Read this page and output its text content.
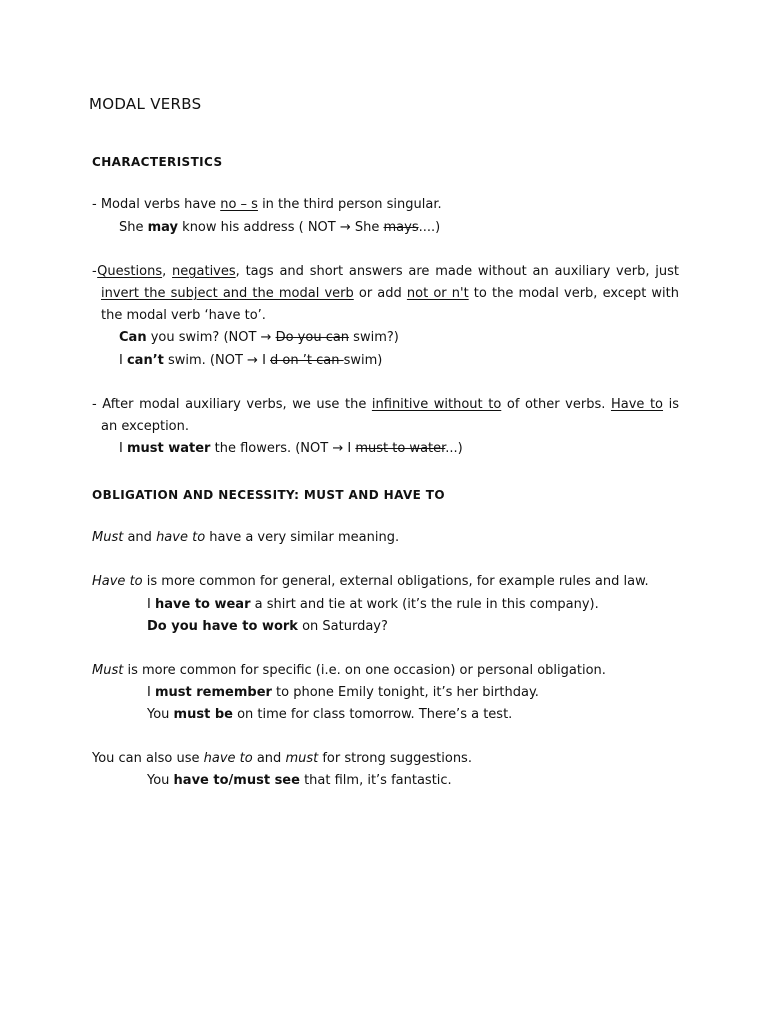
MODAL VERBS
CHARACTERISTICS
- Modal verbs have no – s in the third person singular.
She may know his address ( NOT → She mays....)
-Questions, negatives, tags and short answers are made without an auxiliary verb, just
invert the subject and the modal verb or add not or n't to the modal verb, except with
the modal verb ‘have to’.
Can you swim? (NOT → Do you can swim?)
I can’t swim. (NOT → I d on ’t can swim)
- After modal auxiliary verbs, we use the infinitive without to of other verbs. Have to is
an exception.
I must water the flowers. (NOT → I must to water...)
OBLIGATION AND NECESSITY: MUST AND HAVE TO
Must and have to have a very similar meaning.
Have to is more common for general, external obligations, for example rules and law.
I have to wear a shirt and tie at work (it’s the rule in this company).
Do you have to work on Saturday?
Must is more common for specific (i.e. on one occasion) or personal obligation.
I must remember to phone Emily tonight, it’s her birthday.
You must be on time for class tomorrow. There’s a test.
You can also use have to and must for strong suggestions.
You have to/must see that film, it’s fantastic.
